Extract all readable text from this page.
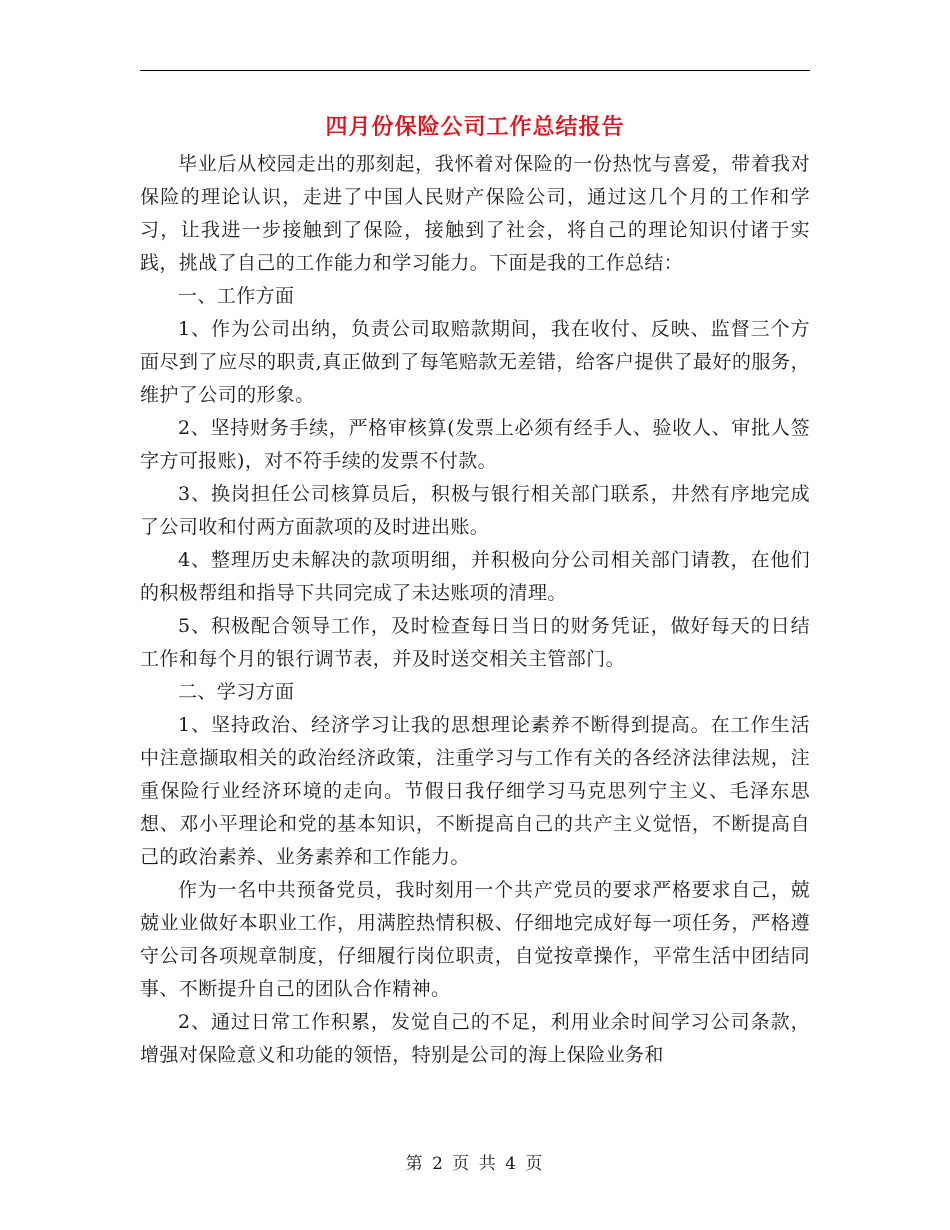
四月份保险公司工作总结报告

毕业后从校园走出的那刻起，我怀着对保险的一份热忱与喜爱，带着我对保险的理论认识，走进了中国人民财产保险公司，通过这几个月的工作和学习，让我进一步接触到了保险，接触到了社会，将自己的理论知识付诸于实践，挑战了自己的工作能力和学习能力。下面是我的工作总结：

一、工作方面

1、作为公司出纳，负责公司取赔款期间，我在收付、反映、监督三个方面尽到了应尽的职责,真正做到了每笔赔款无差错，给客户提供了最好的服务，维护了公司的形象。

2、坚持财务手续，严格审核算(发票上必须有经手人、验收人、审批人签字方可报账)，对不符手续的发票不付款。

3、换岗担任公司核算员后，积极与银行相关部门联系，井然有序地完成了公司收和付两方面款项的及时进出账。

4、整理历史未解决的款项明细，并积极向分公司相关部门请教，在他们的积极帮组和指导下共同完成了未达账项的清理。

5、积极配合领导工作，及时检查每日当日的财务凭证，做好每天的日结工作和每个月的银行调节表，并及时送交相关主管部门。

二、学习方面

1、坚持政治、经济学习让我的思想理论素养不断得到提高。在工作生活中注意撷取相关的政治经济政策，注重学习与工作有关的各经济法律法规，注重保险行业经济环境的走向。节假日我仔细学习马克思列宁主义、毛泽东思想、邓小平理论和党的基本知识，不断提高自己的共产主义觉悟，不断提高自己的政治素养、业务素养和工作能力。

作为一名中共预备党员，我时刻用一个共产党员的要求严格要求自己，兢兢业业做好本职业工作，用满腔热情积极、仔细地完成好每一项任务，严格遵守公司各项规章制度，仔细履行岗位职责，自觉按章操作，平常生活中团结同事、不断提升自己的团队合作精神。

2、通过日常工作积累，发觉自己的不足，利用业余时间学习公司条款，增强对保险意义和功能的领悟，特别是公司的海上保险业务和

第 2 页 共 4 页
